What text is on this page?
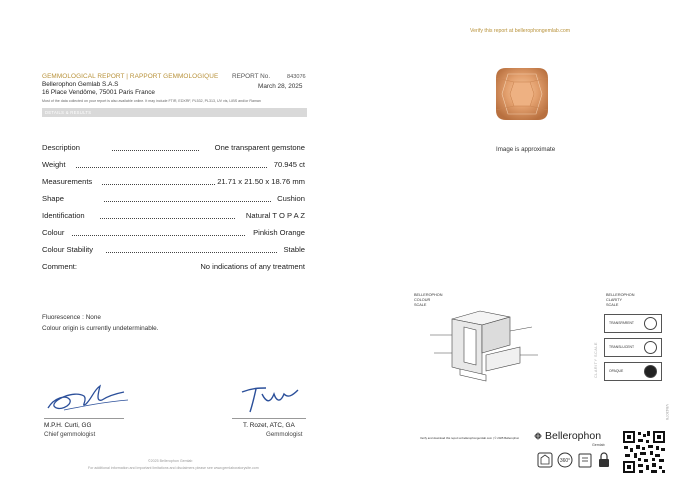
GEMMOLOGICAL REPORT | RAPPORT GEMMOLOGIQUE REPORT No.	843076
March 28, 2025
Bellerophon Gemlab S.A.S
16 Place Vendôme, 75001 Paris France
Most of the data collected on your report is also available online. It may include FTIR, EDXRF, PL532, PL313, UV vis, LIBS and/or Raman
DETAILS & RESULTS
Description	One transparent gemstone
Weight	70.945 ct
Measurements	21.71 x 21.50 x 18.76 mm
Shape	Cushion
Identification	Natural T O P A Z
Colour	Pinkish Orange
Colour Stability	Stable
Comment:	No indications of any treatment
Fluorescence : None
Colour origin is currently undeterminable.
M.P.H. Curti, GG
Chief gemmologist
T. Rozet, ATC, GA
Gemmologist
©2025 Bellerophon Gemlab
For additional information and important limitations and disclaimers please see www.gemlaboratorysite.com
Verify this report at bellerophongemlab.com
Image is approximate
BELLEROPHON
COLOUR
SCALE
BELLEROPHON
CLARITY
SCALE
CLARITY SCALE
TRANSPARENT
TRANSLUCENT
OPAQUE
Verify and download this report at bellerophongemlab.com | © 2025 Bellerophon Bellerophon
Gemlab
360°
V843076
